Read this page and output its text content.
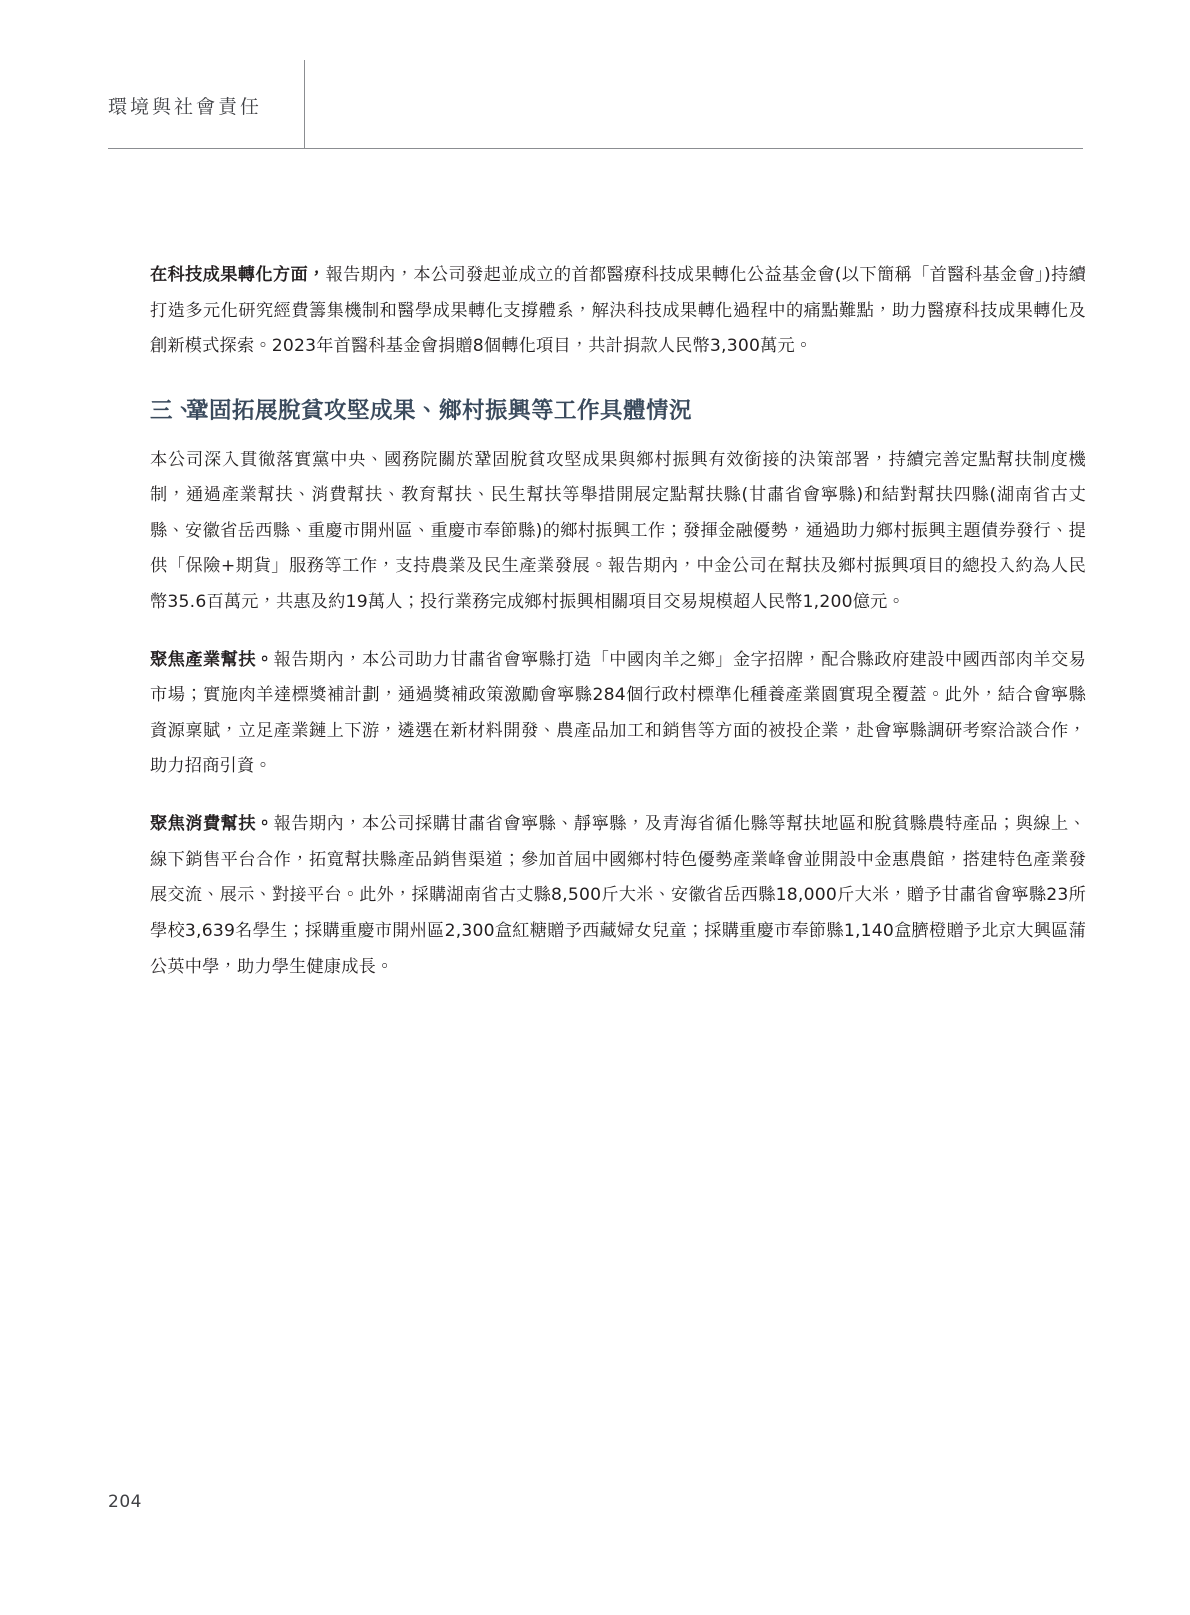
環境與社會責任

在科技成果轉化方面，報告期內，本公司發起並成立的首都醫療科技成果轉化公益基金會(以下簡稱「首醫科基金會」)持續打造多元化研究經費籌集機制和醫學成果轉化支撐體系，解決科技成果轉化過程中的痛點難點，助力醫療科技成果轉化及創新模式探索。2023年首醫科基金會捐贈8個轉化項目，共計捐款人民幣3,300萬元。

三、鞏固拓展脫貧攻堅成果、鄉村振興等工作具體情況

本公司深入貫徹落實黨中央、國務院關於鞏固脫貧攻堅成果與鄉村振興有效銜接的決策部署，持續完善定點幫扶制度機制，通過產業幫扶、消費幫扶、教育幫扶、民生幫扶等舉措開展定點幫扶縣(甘肅省會寧縣)和結對幫扶四縣(湖南省古丈縣、安徽省岳西縣、重慶市開州區、重慶市奉節縣)的鄉村振興工作；發揮金融優勢，通過助力鄉村振興主題債券發行、提供「保險+期貨」服務等工作，支持農業及民生產業發展。報告期內，中金公司在幫扶及鄉村振興項目的總投入約為人民幣35.6百萬元，共惠及約19萬人；投行業務完成鄉村振興相關項目交易規模超人民幣1,200億元。

聚焦產業幫扶。報告期內，本公司助力甘肅省會寧縣打造「中國肉羊之鄉」金字招牌，配合縣政府建設中國西部肉羊交易市場；實施肉羊達標獎補計劃，通過獎補政策激勵會寧縣284個行政村標準化種養產業園實現全覆蓋。此外，結合會寧縣資源稟賦，立足產業鏈上下游，遴選在新材料開發、農產品加工和銷售等方面的被投企業，赴會寧縣調研考察洽談合作，助力招商引資。

聚焦消費幫扶。報告期內，本公司採購甘肅省會寧縣、靜寧縣，及青海省循化縣等幫扶地區和脫貧縣農特產品；與線上、線下銷售平台合作，拓寬幫扶縣產品銷售渠道；參加首屆中國鄉村特色優勢產業峰會並開設中金惠農館，搭建特色產業發展交流、展示、對接平台。此外，採購湖南省古丈縣8,500斤大米、安徽省岳西縣18,000斤大米，贈予甘肅省會寧縣23所學校3,639名學生；採購重慶市開州區2,300盒紅糖贈予西藏婦女兒童；採購重慶市奉節縣1,140盒臍橙贈予北京大興區蒲公英中學，助力學生健康成長。

204
